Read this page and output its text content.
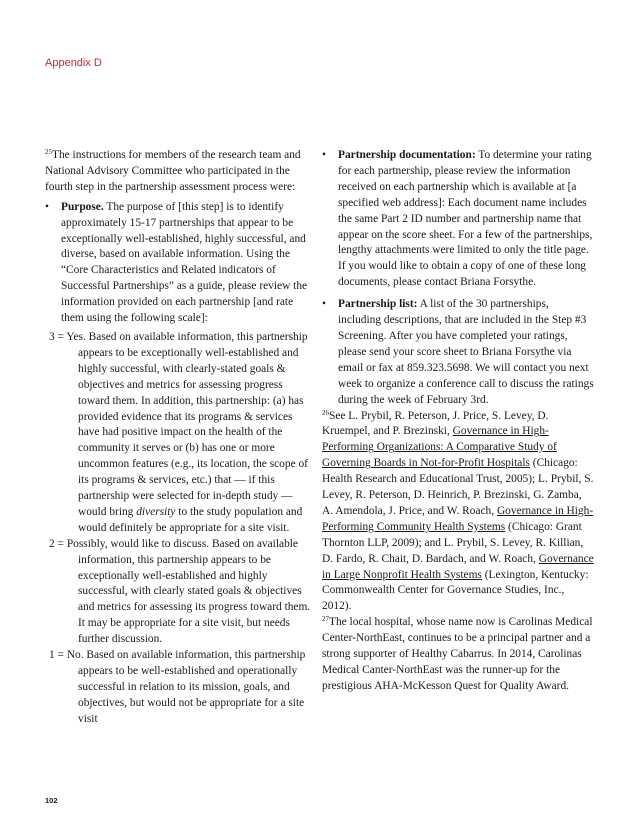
Appendix D

$^{25}$The instructions for members of the research team and National Advisory Committee who participated in the fourth step in the partnership assessment process were:

• Purpose. The purpose of [this step] is to identify approximately 15-17 partnerships that appear to be exceptionally well-established, highly successful, and diverse, based on available information. Using the “Core Characteristics and Related indicators of Successful Partnerships” as a guide, please review the information provided on each partnership [and rate them using the following scale]:

3 = Yes. Based on available information, this partnership appears to be exceptionally well-established and highly successful, with clearly-stated goals & objectives and metrics for assessing progress toward them. In addition, this partnership: (a) has provided evidence that its programs & services have had positive impact on the health of the community it serves or (b) has one or more uncommon features (e.g., its location, the scope of its programs & services, etc.) that — if this partnership were selected for in-depth study — would bring diversity to the study population and would definitely be appropriate for a site visit.

2 = Possibly, would like to discuss. Based on available information, this partnership appears to be exceptionally well-established and highly successful, with clearly stated goals & objectives and metrics for assessing its progress toward them. It may be appropriate for a site visit, but needs further discussion.

1 = No. Based on available information, this partnership appears to be well-established and operationally successful in relation to its mission, goals, and objectives, but would not be appropriate for a site visit

• Partnership documentation: To determine your rating for each partnership, please review the information received on each partnership which is available at [a specified web address]: Each document name includes the same Part 2 ID number and partnership name that appear on the score sheet. For a few of the partnerships, lengthy attachments were limited to only the title page. If you would like to obtain a copy of one of these long documents, please contact Briana Forsythe.
• Partnership list: A list of the 30 partnerships, including descriptions, that are included in the Step #3 Screening. After you have completed your ratings, please send your score sheet to Briana Forsythe via email or fax at 859.323.5698. We will contact you next week to organize a conference call to discuss the ratings during the week of February 3rd.

$^{26}$See L. Prybil, R. Peterson, J. Price, S. Levey, D. Kruempel, and P. Brezinski, Governance in High-Performing Organizations: A Comparative Study of Governing Boards in Not-for-Profit Hospitals (Chicago: Health Research and Educational Trust, 2005); L. Prybil, S. Levey, R. Peterson, D. Heinrich, P. Brezinski, G. Zamba, A. Amendola, J. Price, and W. Roach, Governance in High-Performing Community Health Systems (Chicago: Grant Thornton LLP, 2009); and L. Prybil, S. Levey, R. Killian, D. Fardo, R. Chait, D. Bardach, and W. Roach, Governance in Large Nonprofit Health Systems (Lexington, Kentucky: Commonwealth Center for Governance Studies, Inc., 2012).

$^{27}$The local hospital, whose name now is Carolinas Medical Center-NorthEast, continues to be a principal partner and a strong supporter of Healthy Cabarrus. In 2014, Carolinas Medical Canter-NorthEast was the runner-up for the prestigious AHA-McKesson Quest for Quality Award.

102
